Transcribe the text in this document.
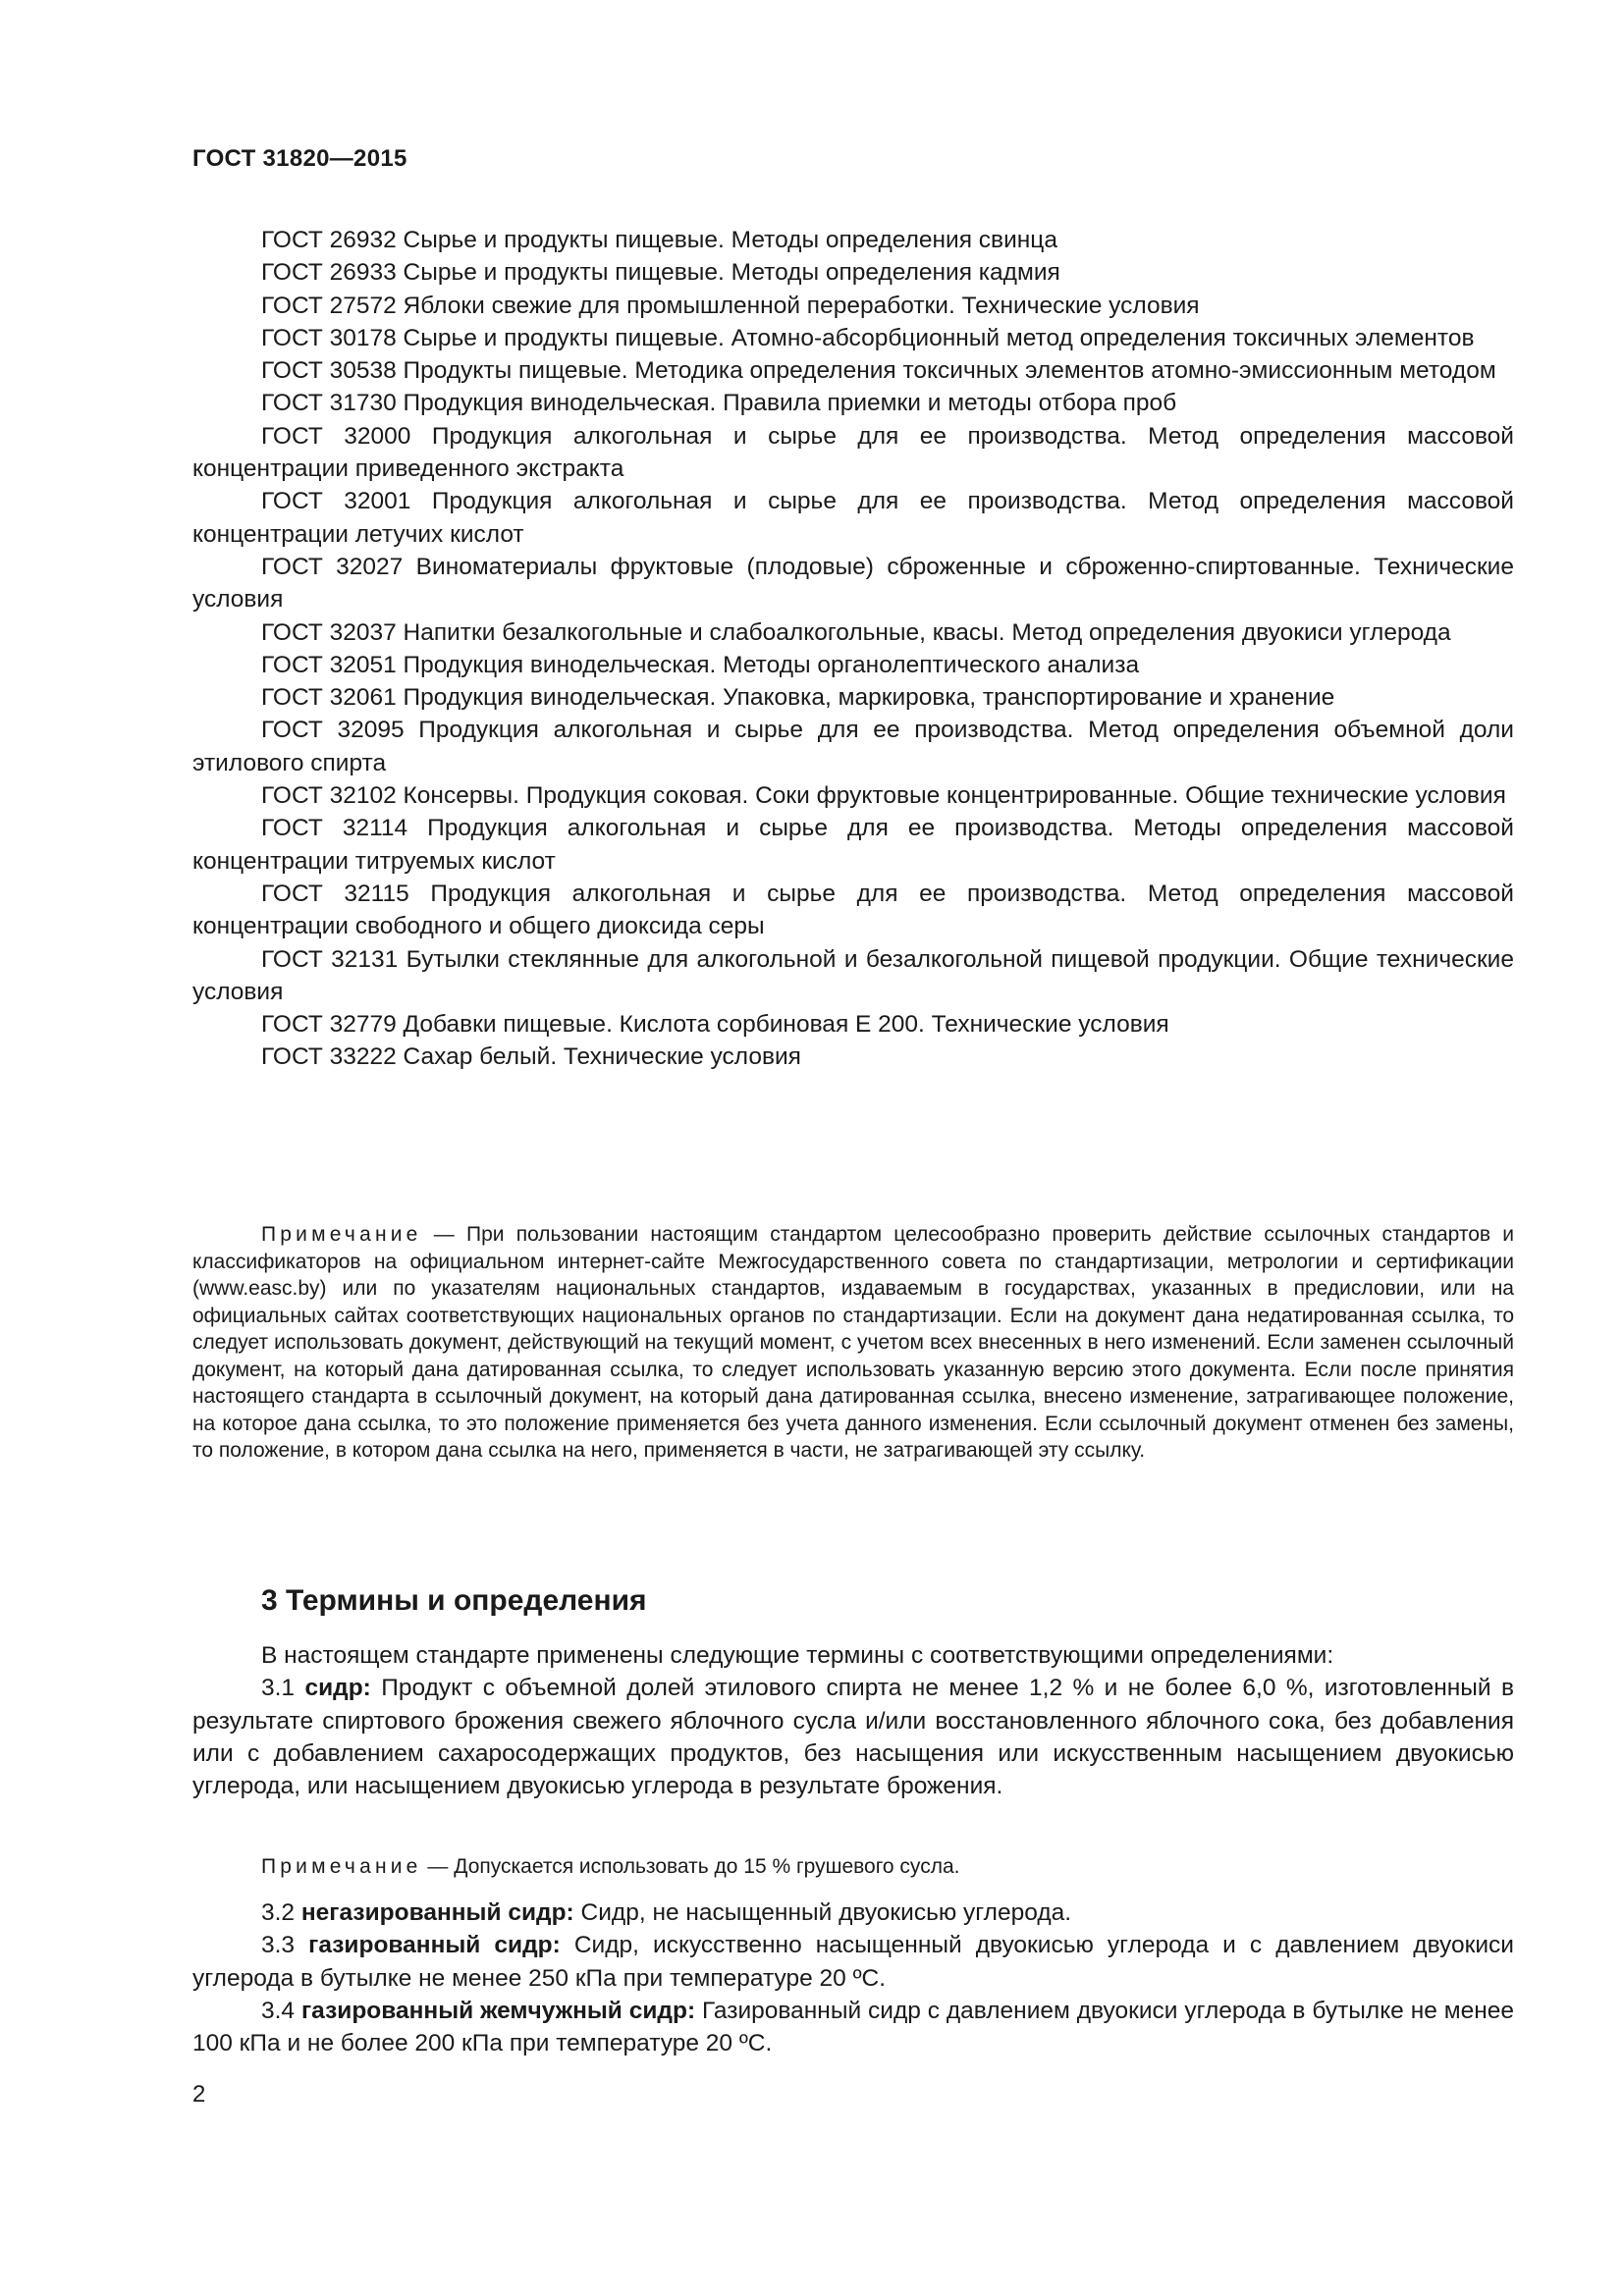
ГОСТ 31820—2015

ГОСТ 26932 Сырье и продукты пищевые. Методы определения свинца

ГОСТ 26933 Сырье и продукты пищевые. Методы определения кадмия

ГОСТ 27572 Яблоки свежие для промышленной переработки. Технические условия

ГОСТ 30178 Сырье и продукты пищевые. Атомно-абсорбционный метод определения токсичных элементов

ГОСТ 30538 Продукты пищевые. Методика определения токсичных элементов атомно-эмиссионным методом

ГОСТ 31730 Продукция винодельческая. Правила приемки и методы отбора проб

ГОСТ 32000 Продукция алкогольная и сырье для ее производства. Метод определения массовой концентрации приведенного экстракта

ГОСТ 32001 Продукция алкогольная и сырье для ее производства. Метод определения массовой концентрации летучих кислот

ГОСТ 32027 Виноматериалы фруктовые (плодовые) сброженные и сброженно-спиртованные. Технические условия

ГОСТ 32037 Напитки безалкогольные и слабоалкогольные, квасы. Метод определения двуокиси углерода

ГОСТ 32051 Продукция винодельческая. Методы органолептического анализа

ГОСТ 32061 Продукция винодельческая. Упаковка, маркировка, транспортирование и хранение

ГОСТ 32095 Продукция алкогольная и сырье для ее производства. Метод определения объемной доли этилового спирта

ГОСТ 32102 Консервы. Продукция соковая. Соки фруктовые концентрированные. Общие технические условия

ГОСТ 32114 Продукция алкогольная и сырье для ее производства. Методы определения массовой концентрации титруемых кислот

ГОСТ 32115 Продукция алкогольная и сырье для ее производства. Метод определения массовой концентрации свободного и общего диоксида серы

ГОСТ 32131 Бутылки стеклянные для алкогольной и безалкогольной пищевой продукции. Общие технические условия

ГОСТ 32779 Добавки пищевые. Кислота сорбиновая Е 200. Технические условия

ГОСТ 33222 Сахар белый. Технические условия

Примечание — При пользовании настоящим стандартом целесообразно проверить действие ссылочных стандартов и классификаторов на официальном интернет-сайте Межгосударственного совета по стандартизации, метрологии и сертификации (www.easc.by) или по указателям национальных стандартов, издаваемым в государствах, указанных в предисловии, или на официальных сайтах соответствующих национальных органов по стандартизации. Если на документ дана недатированная ссылка, то следует использовать документ, действующий на текущий момент, с учетом всех внесенных в него изменений. Если заменен ссылочный документ, на который дана датированная ссылка, то следует использовать указанную версию этого документа. Если после принятия настоящего стандарта в ссылочный документ, на который дана датированная ссылка, внесено изменение, затрагивающее положение, на которое дана ссылка, то это положение применяется без учета данного изменения. Если ссылочный документ отменен без замены, то положение, в котором дана ссылка на него, применяется в части, не затрагивающей эту ссылку.

3 Термины и определения

В настоящем стандарте применены следующие термины с соответствующими определениями:

3.1 сидр: Продукт с объемной долей этилового спирта не менее 1,2 % и не более 6,0 %, изготовленный в результате спиртового брожения свежего яблочного сусла и/или восстановленного яблочного сока, без добавления или с добавлением сахаросодержащих продуктов, без насыщения или искусственным насыщением двуокисью углерода, или насыщением двуокисью углерода в результате брожения.

Примечание — Допускается использовать до 15 % грушевого сусла.

3.2 негазированный сидр: Сидр, не насыщенный двуокисью углерода.

3.3 газированный сидр: Сидр, искусственно насыщенный двуокисью углерода и с давлением двуокиси углерода в бутылке не менее 250 кПа при температуре 20 ºС.

3.4 газированный жемчужный сидр: Газированный сидр с давлением двуокиси углерода в бутылке не менее 100 кПа и не более 200 кПа при температуре 20 ºС.

2
